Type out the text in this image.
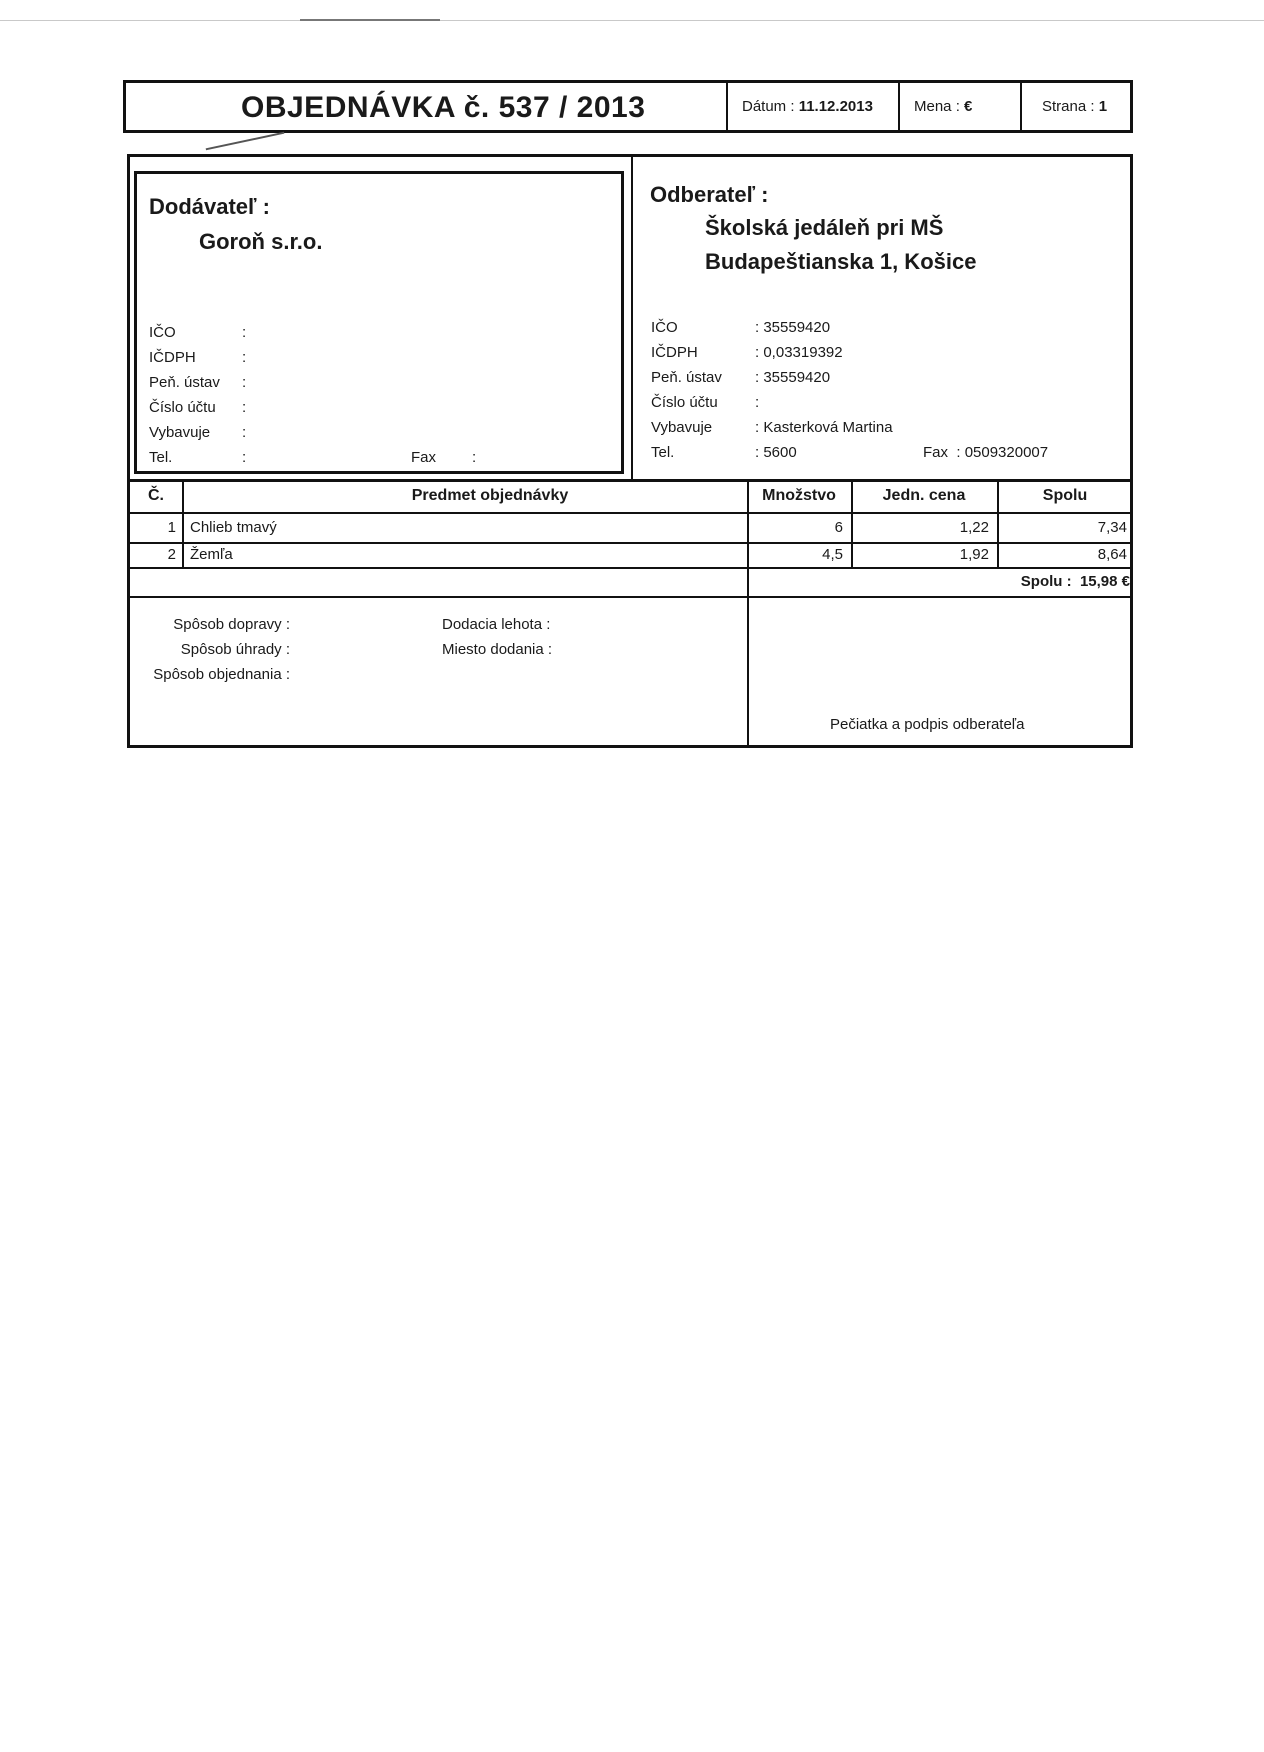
OBJEDNÁVKA č. 537 / 2013	Dátum : 11.12.2013	Mena : €	Strana : 1
Dodávateľ :
Goroň s.r.o.
IČO	:
IČDPH	:
Peň. ústav :
Číslo účtu :
Vybavuje :
Tel.	:	Fax :
Odberateľ :
Školská jedáleň pri MŠ
Budapeštianska 1, Košice
IČO	: 35559420
IČDPH	: 0,03319392
Peň. ústav : 35559420
Číslo účtu :
Vybavuje	: Kasterková Martina
Tel.	: 5600	Fax  : 0509320007
Č.	Predmet objednávky	Množstvo	Jedn. cena	Spolu
1 Chlieb tmavý	6	1,22	7,34
2 Žemľa	4,5	1,92	8,64
Spolu : 15,98 €
Spôsob dopravy :
Spôsob úhrady :
Spôsob objednania :
Dodacia lehota :
Miesto dodania :
Pečiatka a podpis odberateľa
